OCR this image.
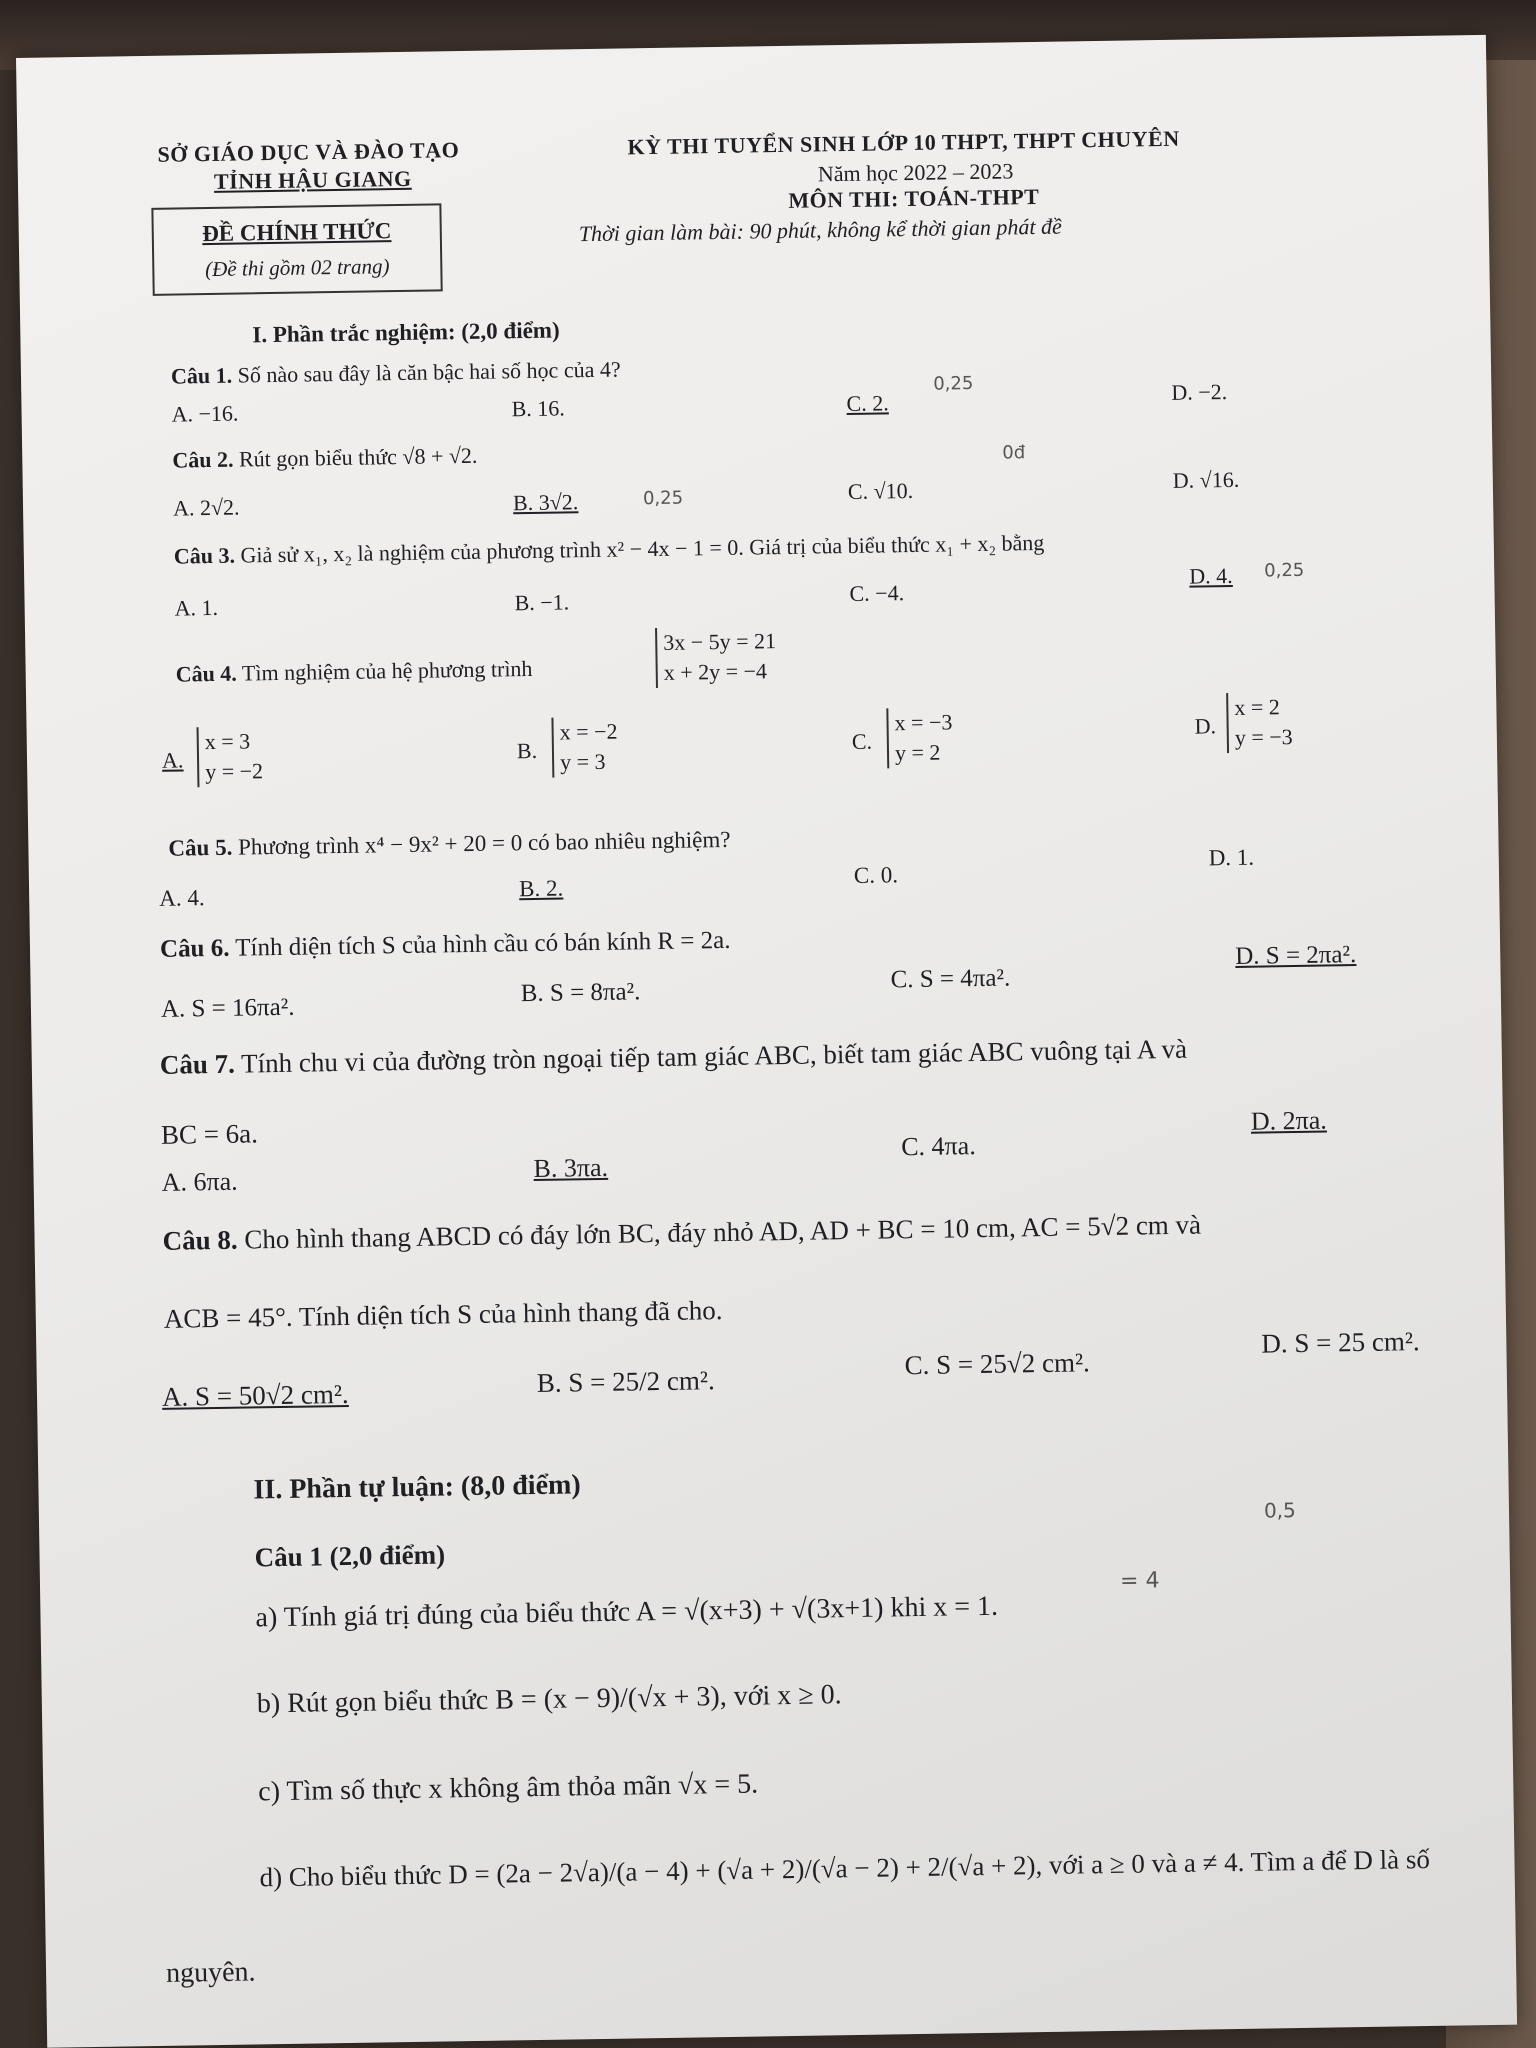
SỞ GIÁO DỤC VÀ ĐÀO TẠO
TỈNH HẬU GIANG
KỲ THI TUYỂN SINH LỚP 10 THPT, THPT CHUYÊN
Năm học 2022 – 2023
MÔN THI: TOÁN-THPT
Thời gian làm bài: 90 phút, không kể thời gian phát đề
ĐỀ CHÍNH THỨC
(Đề thi gồm 02 trang)
I. Phần trắc nghiệm: (2,0 điểm)
Câu 1. Số nào sau đây là căn bậc hai số học của 4?
A. −16.	B. 16.	C. 2.	D. −2.
0,25
Câu 2. Rút gọn biểu thức √8 + √2.
A. 2√2.	B. 3√2.	C. √10.	D. √16.
0đ
0,25
Câu 3. Giả sử x₁, x₂ là nghiệm của phương trình x² − 4x − 1 = 0. Giá trị của biểu thức x₁ + x₂ bằng
A. 1.	B. −1.	C. −4.
D. 4. 0,25
Câu 4. Tìm nghiệm của hệ phương trình
3x − 5y = 21
x + 2y = −4
A.
x = 3
y = −2
B.
x = −2
y = 3
C.
x = −3
y = 2
D.
x = 2
y = −3
Câu 5. Phương trình x⁴ − 9x² + 20 = 0 có bao nhiêu nghiệm?
A. 4.	B. 2.
C. 0.
D. 1.
Câu 6. Tính diện tích S của hình cầu có bán kính R = 2a.
A. S = 16πa².
B. S = 8πa².	C. S = 4πa².
D. S = 2πa².
Câu 7. Tính chu vi của đường tròn ngoại tiếp tam giác ABC, biết tam giác ABC vuông tại A và
BC = 6a.
A. 6πa.	B. 3πa.
C. 4πa.
D. 2πa.
Câu 8. Cho hình thang ABCD có đáy lớn BC, đáy nhỏ AD, AD + BC = 10 cm, AC = 5√2 cm và
ACB = 45°. Tính diện tích S của hình thang đã cho.
A. S = 50√2 cm².	B. S = 25/2 cm².
C. S = 25√2 cm².
D. S = 25 cm².
II. Phần tự luận: (8,0 điểm)
Câu 1 (2,0 điểm)
0,5
a) Tính giá trị đúng của biểu thức A = √(x+3) + √(3x+1) khi x = 1.
= 4
b) Rút gọn biểu thức B = (x − 9)/(√x + 3), với x ≥ 0.
c) Tìm số thực x không âm thỏa mãn √x = 5.
d) Cho biểu thức D = (2a − 2√a)/(a − 4) + (√a + 2)/(√a − 2) + 2/(√a + 2), với a ≥ 0 và a ≠ 4. Tìm a để D là số
nguyên.
